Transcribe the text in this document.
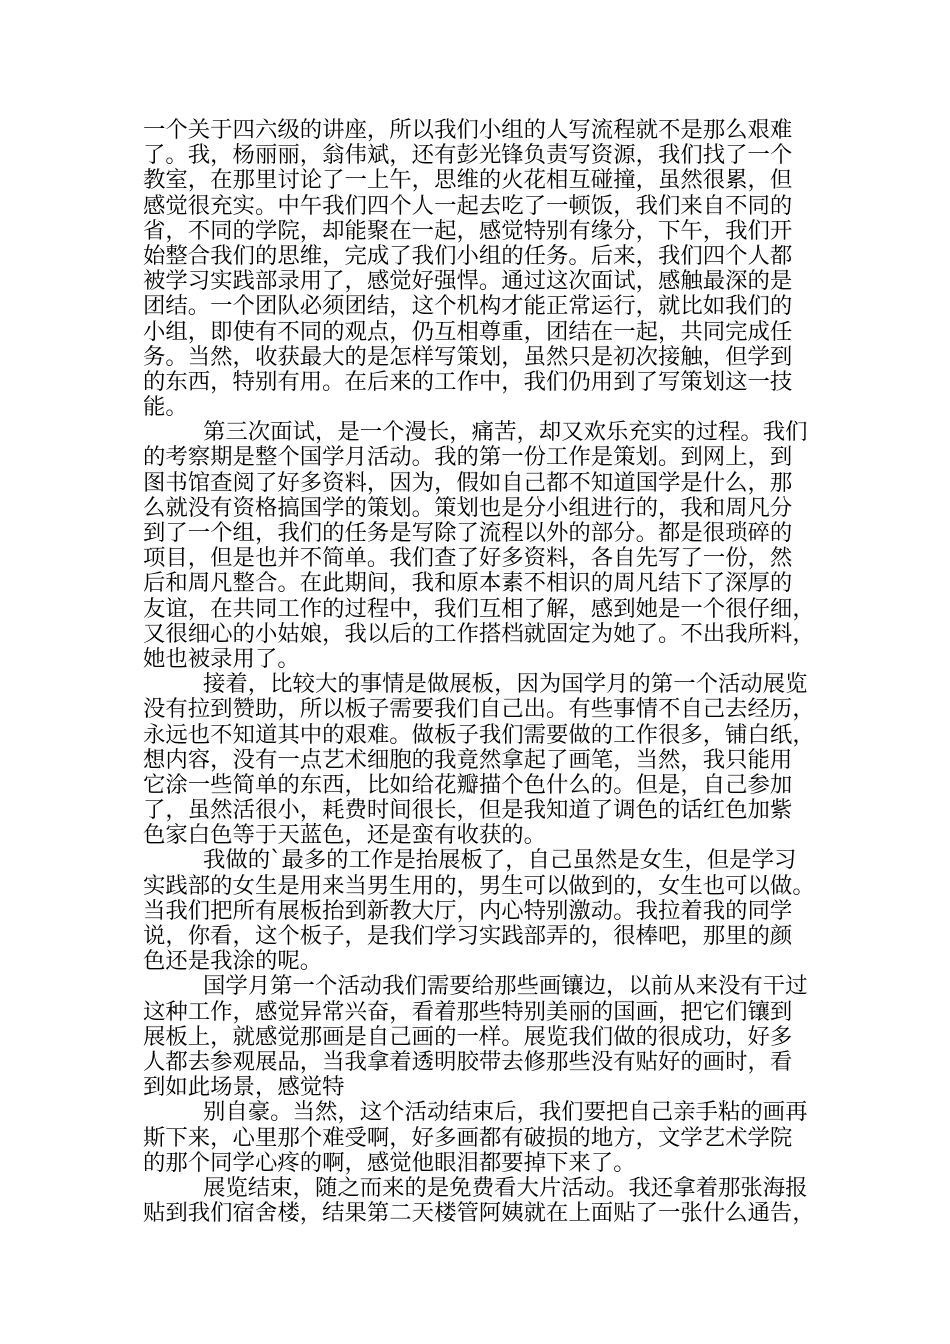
一个关于四六级的讲座，所以我们小组的人写流程就不是那么艰难
了。我，杨丽丽，翁伟斌，还有彭光锋负责写资源，我们找了一个
教室，在那里讨论了一上午，思维的火花相互碰撞，虽然很累，但
感觉很充实。中午我们四个人一起去吃了一顿饭，我们来自不同的
省，不同的学院，却能聚在一起，感觉特别有缘分，下午，我们开
始整合我们的思维，完成了我们小组的任务。后来，我们四个人都
被学习实践部录用了，感觉好强悍。通过这次面试，感触最深的是
团结。一个团队必须团结，这个机构才能正常运行，就比如我们的
小组，即使有不同的观点，仍互相尊重，团结在一起，共同完成任
务。当然，收获最大的是怎样写策划，虽然只是初次接触，但学到
的东西，特别有用。在后来的工作中，我们仍用到了写策划这一技
能。
第三次面试，是一个漫长，痛苦，却又欢乐充实的过程。我们
的考察期是整个国学月活动。我的第一份工作是策划。到网上，到
图书馆查阅了好多资料，因为，假如自己都不知道国学是什么，那
么就没有资格搞国学的策划。策划也是分小组进行的，我和周凡分
到了一个组，我们的任务是写除了流程以外的部分。都是很琐碎的
项目，但是也并不简单。我们查了好多资料，各自先写了一份，然
后和周凡整合。在此期间，我和原本素不相识的周凡结下了深厚的
友谊，在共同工作的过程中，我们互相了解，感到她是一个很仔细，
又很细心的小姑娘，我以后的工作搭档就固定为她了。不出我所料，
她也被录用了。
接着，比较大的事情是做展板，因为国学月的第一个活动展览
没有拉到赞助，所以板子需要我们自己出。有些事情不自己去经历，
永远也不知道其中的艰难。做板子我们需要做的工作很多，铺白纸，
想内容，没有一点艺术细胞的我竟然拿起了画笔，当然，我只能用
它涂一些简单的东西，比如给花瓣描个色什么的。但是，自己参加
了，虽然活很小，耗费时间很长，但是我知道了调色的话红色加紫
色家白色等于天蓝色，还是蛮有收获的。
我做的`最多的工作是抬展板了，自己虽然是女生，但是学习
实践部的女生是用来当男生用的，男生可以做到的，女生也可以做。
当我们把所有展板抬到新教大厅，内心特别激动。我拉着我的同学
说，你看，这个板子，是我们学习实践部弄的，很棒吧，那里的颜
色还是我涂的呢。
国学月第一个活动我们需要给那些画镶边，以前从来没有干过
这种工作，感觉异常兴奋，看着那些特别美丽的国画，把它们镶到
展板上，就感觉那画是自己画的一样。展览我们做的很成功，好多
人都去参观展品，当我拿着透明胶带去修那些没有贴好的画时，看
到如此场景，感觉特
别自豪。当然，这个活动结束后，我们要把自己亲手粘的画再
斯下来，心里那个难受啊，好多画都有破损的地方，文学艺术学院
的那个同学心疼的啊，感觉他眼泪都要掉下来了。
展览结束，随之而来的是免费看大片活动。我还拿着那张海报
贴到我们宿舍楼，结果第二天楼管阿姨就在上面贴了一张什么通告，
